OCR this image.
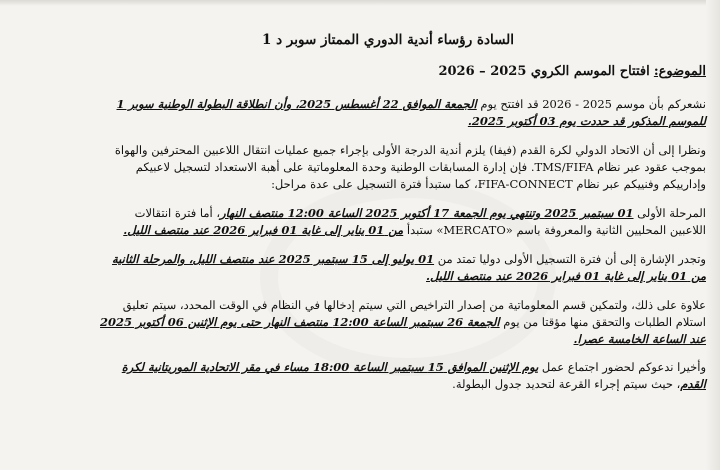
السادة رؤساء أندية الدوري الممتاز سوبر د 1
الموضوع: افتتاح الموسم الكروي 2025 – 2026

نشعركم بأن موسم 2025 - 2026 قد افتتح يوم الجمعة الموافق 22 أغسطس 2025، وأن انطلاقة البطولة الوطنية سوبر 1 للموسم المذكور قد حددت يوم 03 أكتوبر 2025.

ونظرا إلى أن الاتحاد الدولي لكرة القدم (فيفا) يلزم أندية الدرجة الأولى بإجراء جميع عمليات انتقال اللاعبين المحترفين والهواة بموجب عقود عبر نظام TMS/FIFA. فإن إدارة المسابقات الوطنية وحدة المعلوماتية على أهبة الاستعداد لتسجيل لاعبيكم وإدارييكم وفنييكم عبر نظام FIFA-CONNECT، كما ستبدأ فترة التسجيل على عدة مراحل:

المرحلة الأولى 01 سبتمبر 2025 وتنتهي يوم الجمعة 17 أكتوبر 2025 الساعة 12:00 منتصف النهار، أما فترة انتقالات اللاعبين المحليين الثانية والمعروفة باسم «MERCATO» ستبدأ من 01 يناير إلى غاية 01 فبراير 2026 عند منتصف الليل.

وتجدر الإشارة إلى أن فترة التسجيل الأولى دوليا تمتد من 01 يوليو إلى 15 سبتمبر 2025 عند منتصف الليل، والمرحلة الثانية من 01 يناير إلى غاية 01 فبراير 2026 عند منتصف الليل.

علاوة على ذلك، ولتمكين قسم المعلوماتية من إصدار التراخيص التي سيتم إدخالها في النظام في الوقت المحدد، سيتم تعليق استلام الطلبات والتحقق منها مؤقتا من يوم الجمعة 26 سبتمبر الساعة 12:00 منتصف النهار حتى يوم الإثنين 06 أكتوبر 2025 عند الساعة الخامسة عصرا.

وأخيرا ندعوكم لحضور اجتماع عمل يوم الإثنين الموافق 15 سبتمبر الساعة 18:00 مساء في مقر الاتحادية الموريتانية لكرة القدم، حيث سيتم إجراء القرعة لتحديد جدول البطولة.
